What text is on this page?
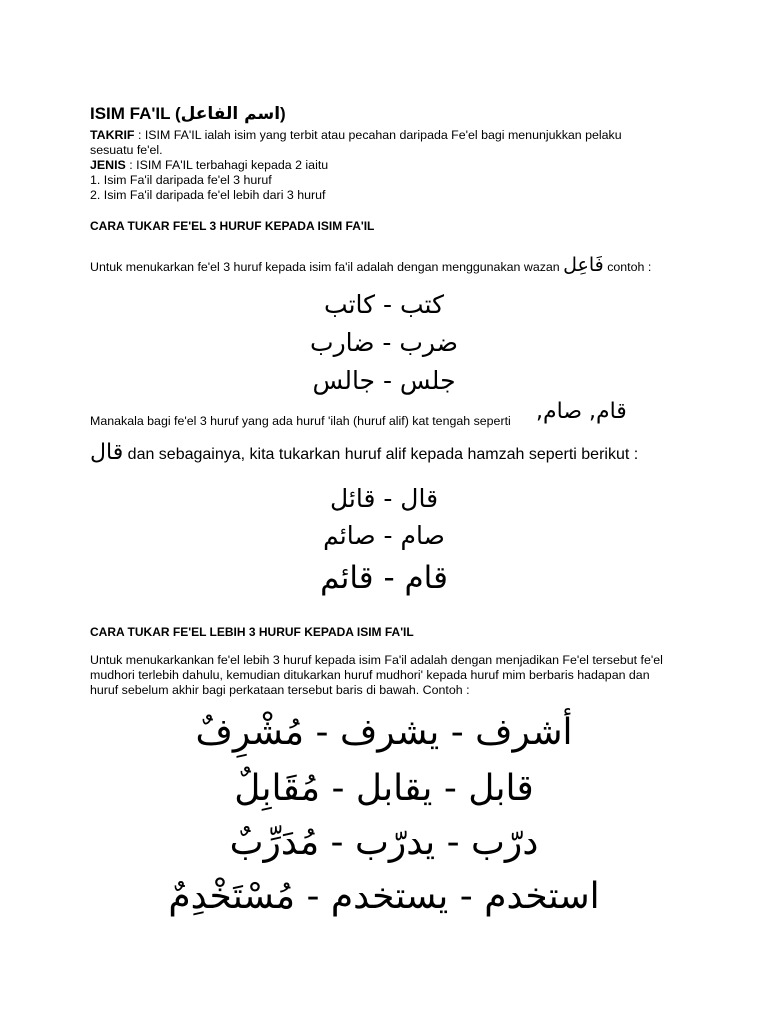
ISIM FA'IL (اسم الفاعل)
TAKRIF : ISIM FA'IL ialah isim yang terbit atau pecahan daripada Fe'el bagi menunjukkan pelaku
sesuatu fe'el.
JENIS : ISIM FA'IL terbahagi kepada 2 iaitu
1. Isim Fa'il daripada fe'el 3 huruf
2. Isim Fa'il daripada fe'el lebih dari 3 huruf
CARA TUKAR FE'EL 3 HURUF KEPADA ISIM FA'IL
Untuk menukarkan fe'el 3 huruf kepada isim fa'il adalah dengan menggunakan wazan فَاعِل contoh :
كتب - كاتب
ضرب - ضارب
جلس - جالس
Manakala bagi fe'el 3 huruf yang ada huruf 'ilah (huruf alif) kat tengah seperti قام, صام,
قال dan sebagainya, kita tukarkan huruf alif kepada hamzah seperti berikut :
قال - قائل
صام - صائم
قام - قائم
CARA TUKAR FE'EL LEBIH 3 HURUF KEPADA ISIM FA'IL
Untuk menukarkankan fe'el lebih 3 huruf kepada isim Fa'il adalah dengan menjadikan Fe'el tersebut fe'el
mudhori terlebih dahulu, kemudian ditukarkan huruf mudhori' kepada huruf mim berbaris hadapan dan
huruf sebelum akhir bagi perkataan tersebut baris di bawah. Contoh :
أشرف - يشرف - مُشْرِفٌ
قابل - يقابل - مُقَابِلٌ
درّب - يدرّب - مُدَرِّبٌ
استخدم - يستخدم - مُسْتَخْدِمٌ
